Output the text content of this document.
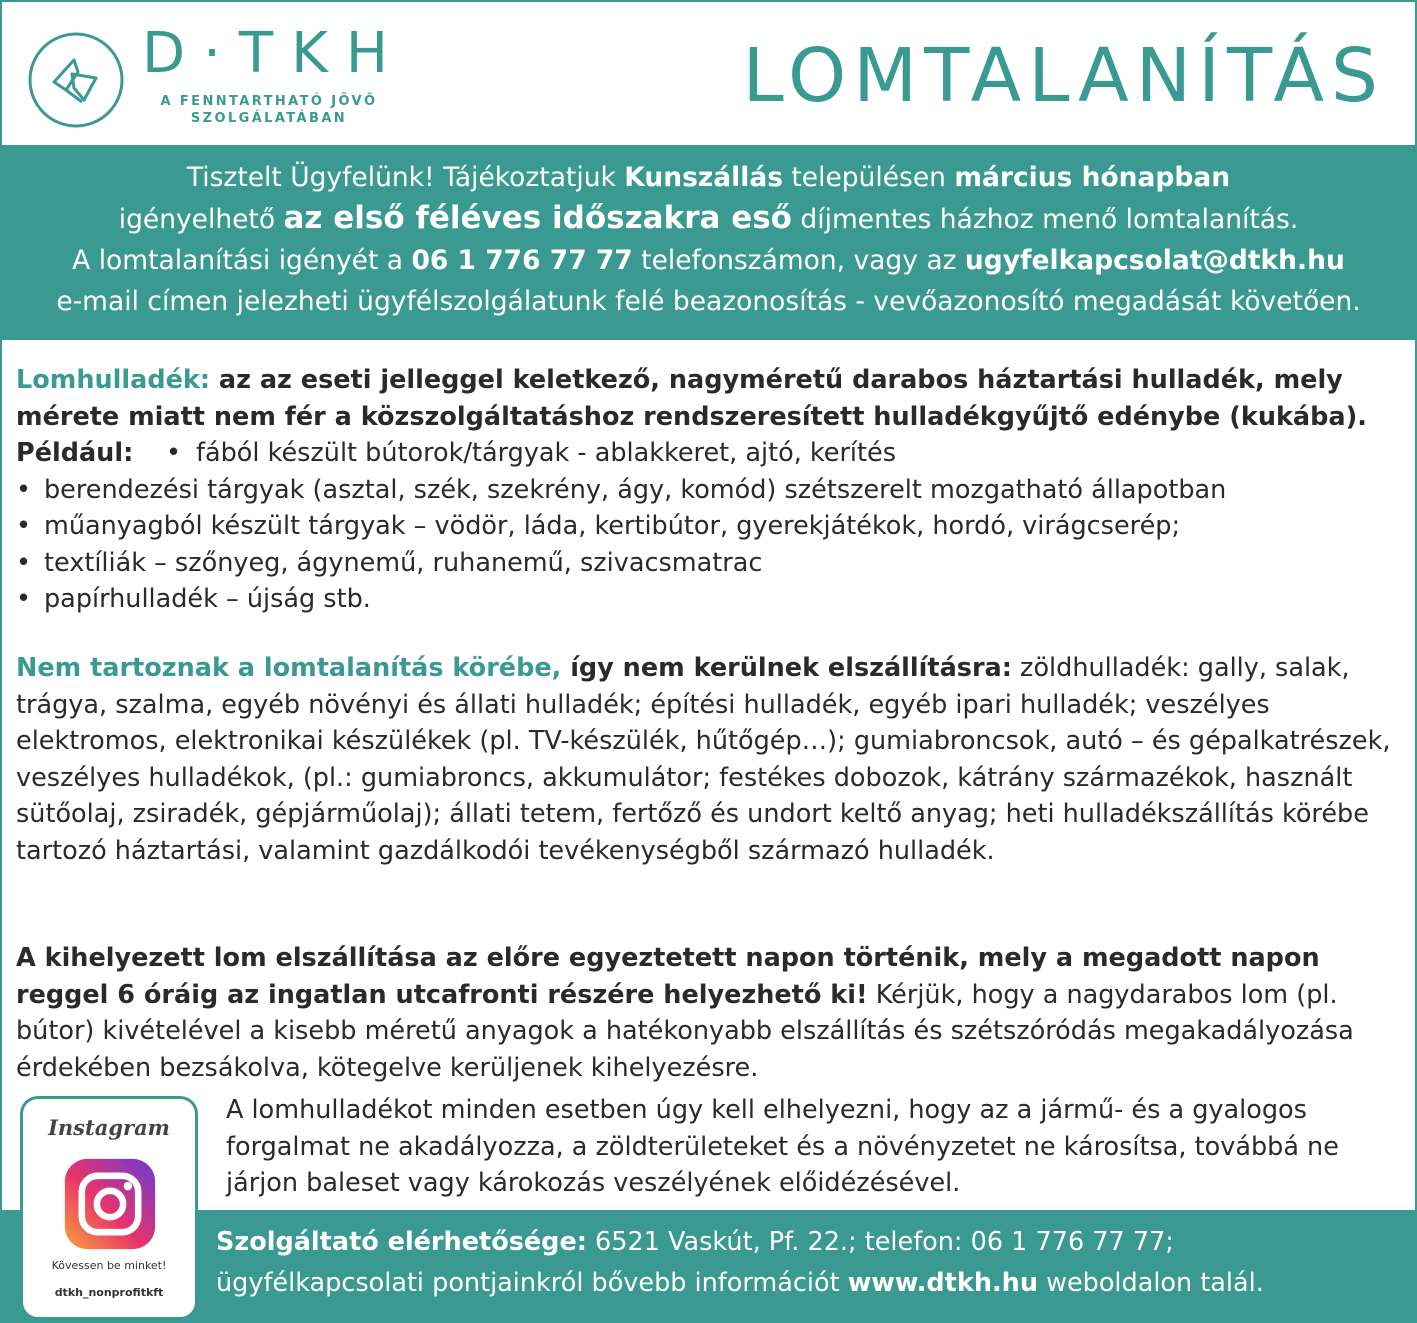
D·TKH
A FENNTARTHATÓ JÖVŐ
SZOLGÁLATÁBAN	LOMTALANÍTÁS
Tisztelt Ügyfelünk! Tájékoztatjuk Kunszállás településen március hónapban
igényelhető az első féléves időszakra eső díjmentes házhoz menő lomtalanítás.
A lomtalanítási igényét a 06 1 776 77 77 telefonszámon, vagy az ugyfelkapcsolat@dtkh.hu
e-mail címen jelezheti ügyfélszolgálatunk felé beazonosítás - vevőazonosító megadását követően.
Lomhulladék: az az eseti jelleggel keletkező, nagyméretű darabos háztartási hulladék, mely mérete miatt nem fér a közszolgáltatáshoz rendszeresített hulladékgyűjtő edénybe (kukába).
Például:
•	fából készült bútorok/tárgyak - ablakkeret, ajtó, kerítés
• berendezési tárgyak (asztal, szék, szekrény, ágy, komód) szétszerelt mozgatható állapotban
• műanyagból készült tárgyak – vödör, láda, kertibútor, gyerekjátékok, hordó, virágcserép;
• textíliák – szőnyeg, ágynemű, ruhanemű, szivacsmatrac
• papírhulladék – újság stb.
Nem tartoznak a lomtalanítás körébe, így nem kerülnek elszállításra: zöldhulladék: gally, salak, trágya, szalma, egyéb növényi és állati hulladék; építési hulladék, egyéb ipari hulladék; veszélyes elektromos, elektronikai készülékek (pl. TV-készülék, hűtőgép…); gumiabroncsok, autó – és gépalkatrészek, veszélyes hulladékok, (pl.: gumiabroncs, akkumulátor; festékes dobozok, kátrány származékok, használt sütőolaj, zsiradék, gépjárműolaj); állati tetem, fertőző és undort keltő anyag; heti hulladékszállítás körébe tartozó háztartási, valamint gazdálkodói tevékenységből származó hulladék.
A kihelyezett lom elszállítása az előre egyeztetett napon történik, mely a megadott napon reggel 6 óráig az ingatlan utcafronti részére helyezhető ki! Kérjük, hogy a nagydarabos lom (pl. bútor) kivételével a kisebb méretű anyagok a hatékonyabb elszállítás és szétszóródás megakadályozása érdekében bezsákolva, kötegelve kerüljenek kihelyezésre.
A lomhulladékot minden esetben úgy kell elhelyezni, hogy az a jármű- és a gyalogos forgalmat ne akadályozza, a zöldterületeket és a növényzetet ne károsítsa, továbbá ne járjon baleset vagy károkozás veszélyének előidézésével.
Szolgáltató elérhetősége: 6521 Vaskút, Pf. 22.; telefon: 06 1 776 77 77;
ügyfélkapcsolati pontjainkról bővebb információt www.dtkh.hu weboldalon talál.
Instagram
Kövessen be minket!
dtkh_nonprofitkft
